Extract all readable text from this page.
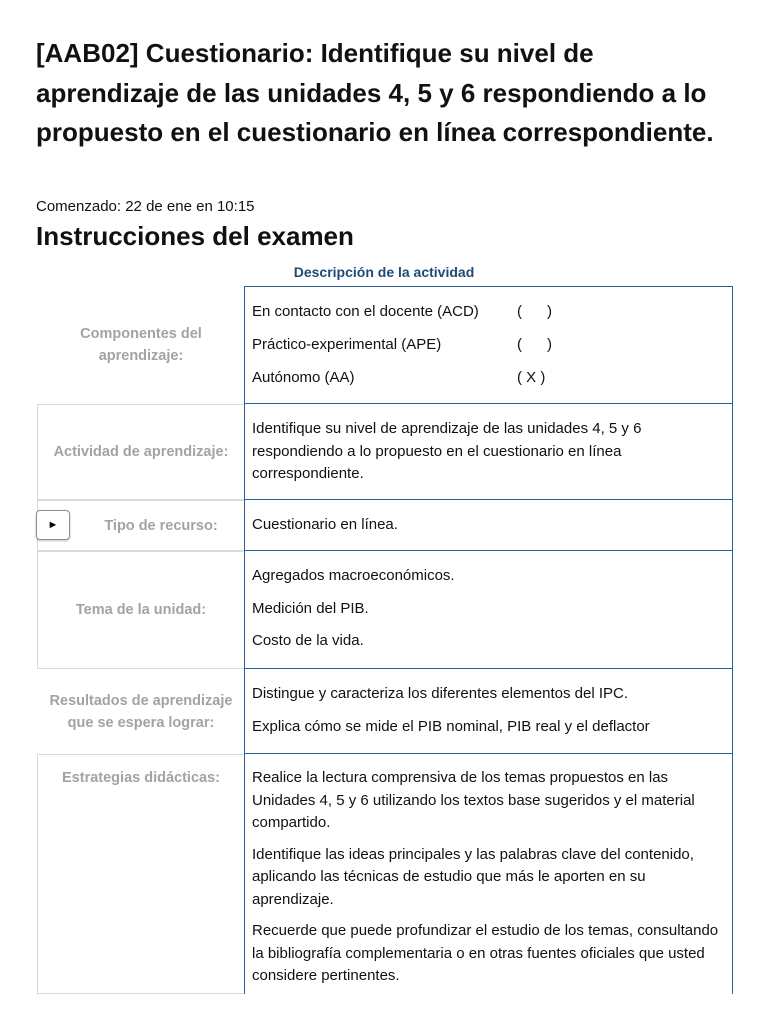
[AAB02] Cuestionario: Identifique su nivel de aprendizaje de las unidades 4, 5 y 6 respondiendo a lo propuesto en el cuestionario en línea correspondiente.
Comenzado: 22 de ene en 10:15
Instrucciones del examen
Descripción de la actividad
Componentes del aprendizaje:
En contacto con el docente (ACD)	(      )
Práctico-experimental (APE)	(      )
Autónomo (AA)	( X )
Actividad de aprendizaje:

Identifique su nivel de aprendizaje de las unidades 4, 5 y 6 respondiendo a lo propuesto en el cuestionario en línea correspondiente.

Tipo de recurso:
►	Cuestionario en línea.

Tema de la unidad:

Agregados macroeconómicos.

Medición del PIB.

Costo de la vida.

Resultados de aprendizaje que se espera lograr:

Distingue y caracteriza los diferentes elementos del IPC.

Explica cómo se mide el PIB nominal, PIB real y el deflactor

Estrategias didácticas:	Realice la lectura comprensiva de los temas propuestos en las Unidades 4, 5 y 6 utilizando los textos base sugeridos y el material compartido.

Identifique las ideas principales y las palabras clave del contenido, aplicando las técnicas de estudio que más le aporten en su aprendizaje.

Recuerde que puede profundizar el estudio de los temas, consultando la bibliografía complementaria o en otras fuentes oficiales que usted considere pertinentes.
